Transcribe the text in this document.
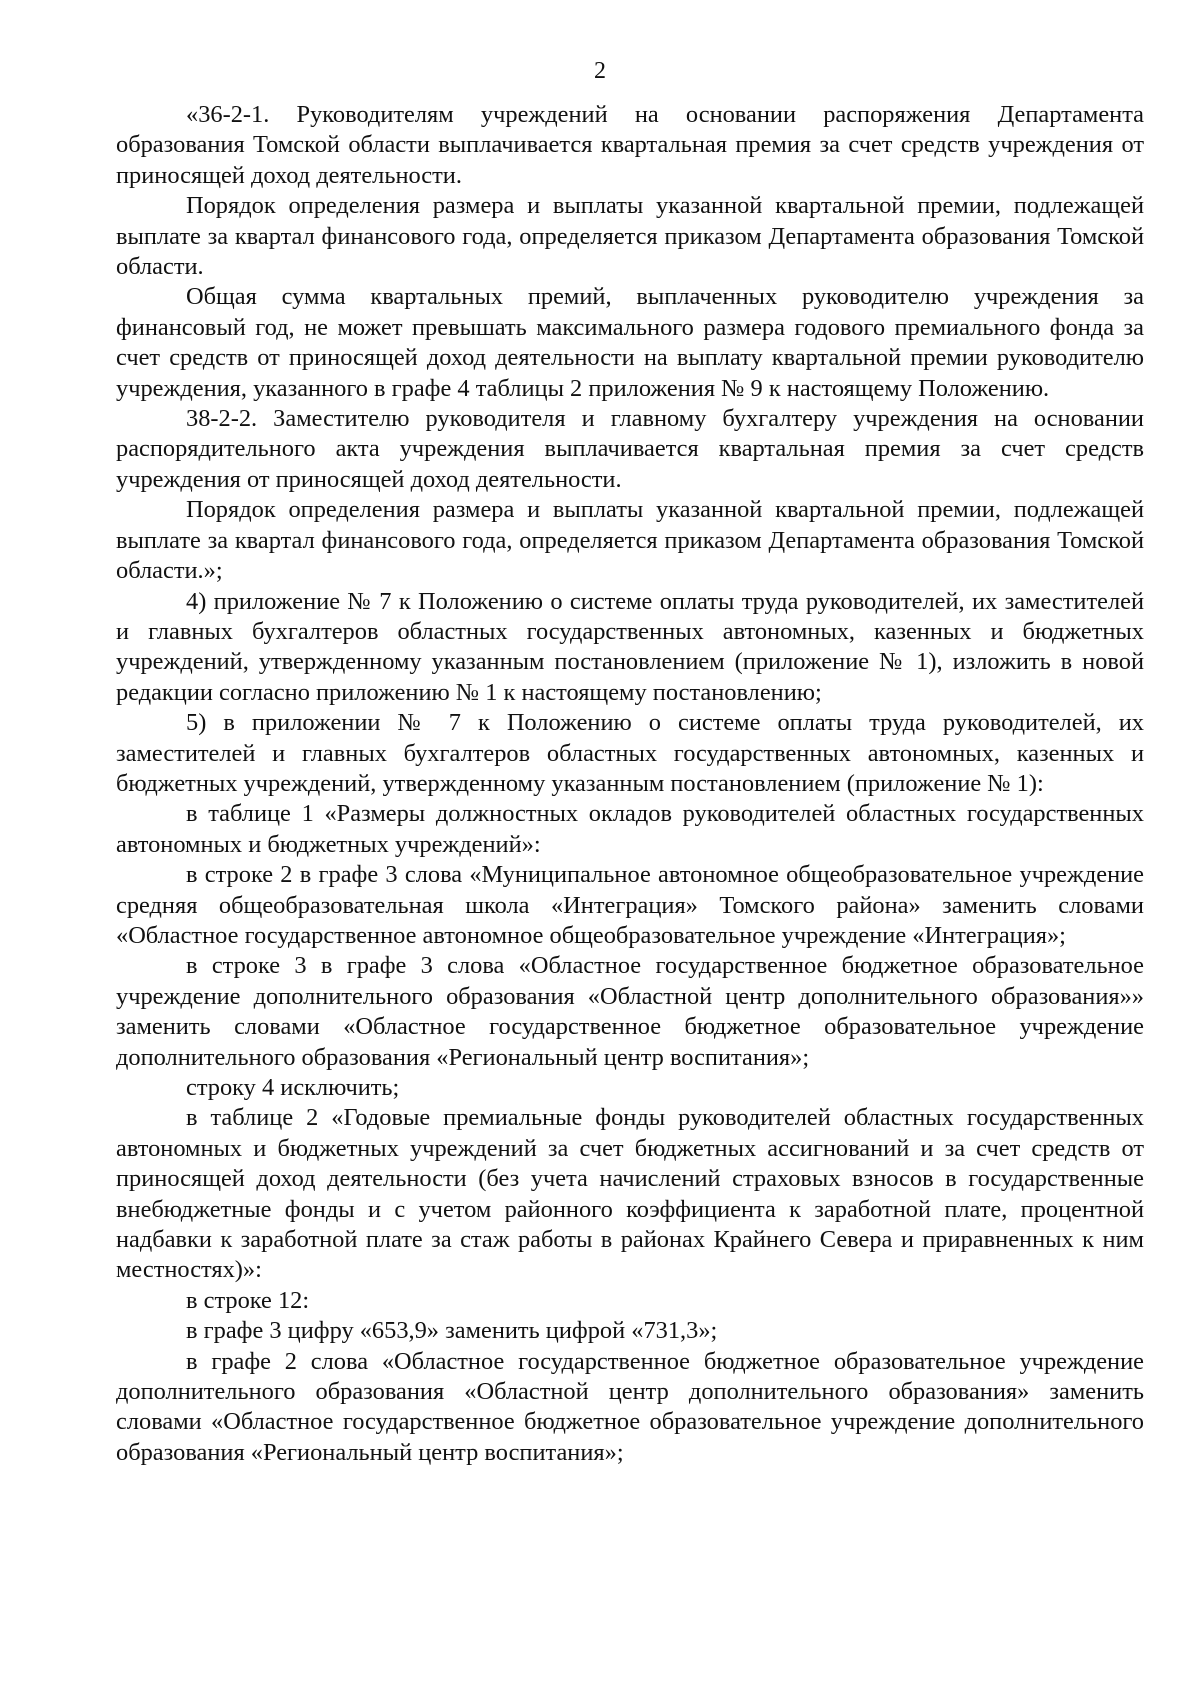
2

«36-2-1. Руководителям учреждений на основании распоряжения Департамента образования Томской области выплачивается квартальная премия за счет средств учреждения от приносящей доход деятельности.

Порядок определения размера и выплаты указанной квартальной премии, подлежащей выплате за квартал финансового года, определяется приказом Департамента образования Томской области.

Общая сумма квартальных премий, выплаченных руководителю учреждения за финансовый год, не может превышать максимального размера годового премиального фонда за счет средств от приносящей доход деятельности на выплату квартальной премии руководителю учреждения, указанного в графе 4 таблицы 2 приложения № 9 к настоящему Положению.

38-2-2. Заместителю руководителя и главному бухгалтеру учреждения на основании распорядительного акта учреждения выплачивается квартальная премия за счет средств учреждения от приносящей доход деятельности.

Порядок определения размера и выплаты указанной квартальной премии, подлежащей выплате за квартал финансового года, определяется приказом Департамента образования Томской области.»;

4) приложение № 7 к Положению о системе оплаты труда руководителей, их заместителей и главных бухгалтеров областных государственных автономных, казенных и бюджетных учреждений, утвержденному указанным постановлением (приложение № 1), изложить в новой редакции согласно приложению № 1 к настоящему постановлению;

5) в приложении № 7 к Положению о системе оплаты труда руководителей, их заместителей и главных бухгалтеров областных государственных автономных, казенных и бюджетных учреждений, утвержденному указанным постановлением (приложение № 1):

в таблице 1 «Размеры должностных окладов руководителей областных государственных автономных и бюджетных учреждений»:

в строке 2 в графе 3 слова «Муниципальное автономное общеобразовательное учреждение средняя общеобразовательная школа «Интеграция» Томского района» заменить словами «Областное государственное автономное общеобразовательное учреждение «Интеграция»;

в строке 3 в графе 3 слова «Областное государственное бюджетное образовательное учреждение дополнительного образования «Областной центр дополнительного образования»» заменить словами «Областное государственное бюджетное образовательное учреждение дополнительного образования «Региональный центр воспитания»;

строку 4 исключить;

в таблице 2 «Годовые премиальные фонды руководителей областных государственных автономных и бюджетных учреждений за счет бюджетных ассигнований и за счет средств от приносящей доход деятельности (без учета начислений страховых взносов в государственные внебюджетные фонды и с учетом районного коэффициента к заработной плате, процентной надбавки к заработной плате за стаж работы в районах Крайнего Севера и приравненных к ним местностях)»:

в строке 12:

в графе 3 цифру «653,9» заменить цифрой «731,3»;

в графе 2 слова «Областное государственное бюджетное образовательное учреждение дополнительного образования «Областной центр дополнительного образования» заменить словами «Областное государственное бюджетное образовательное учреждение дополнительного образования «Региональный центр воспитания»;
